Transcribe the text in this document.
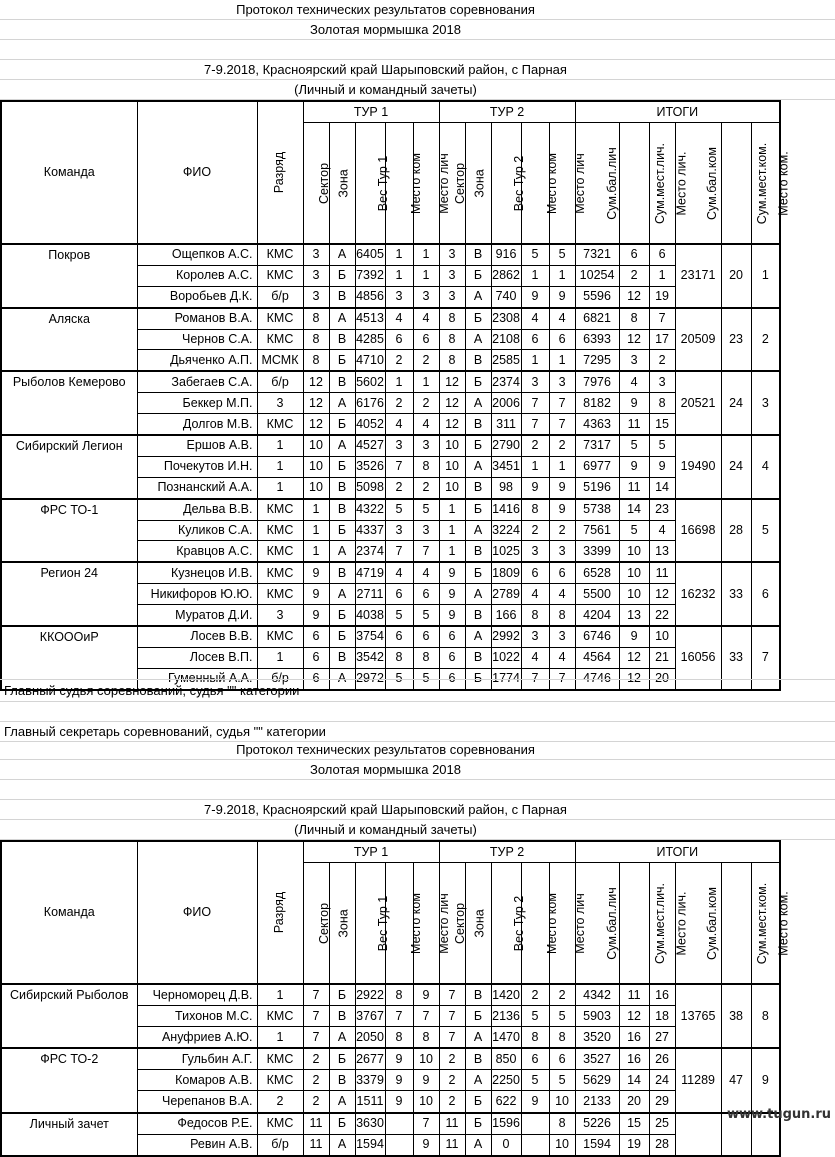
Протокол технических результатов соревнования
Золотая мормышка 2018
7-9.2018, Красноярский край Шарыповский район, с Парная
(Личный и командный зачеты)
Команда	ФИО	Разряд	ТУР 1					ТУР 2					ИТОГИ					
			Сектор	Зона	Вес Тур 1	Место ком	Место лич	Сектор	Зона	Вес Тур 2	Место ком	Место лич	Сум.бал.лич	Сум.мест.лич.	Место лич.	Сум.бал.ком	Сум.мест.ком.	Место ком.
Покров	Ощепков А.С.	КМС	3	А	6405	1	1	3	В	916	5	5	7321	6	6	23171	20	1
	Королев А.С.	КМС	3	Б	7392	1	1	3	Б	2862	1	1	10254	2	1			
	Воробьев Д.К.	б/р	3	В	4856	3	3	3	А	740	9	9	5596	12	19			
Аляска	Романов В.А.	КМС	8	А	4513	4	4	8	Б	2308	4	4	6821	8	7	20509	23	2
	Чернов С.А.	КМС	8	В	4285	6	6	8	А	2108	6	6	6393	12	17			
	Дьяченко А.П.	МСМК	8	Б	4710	2	2	8	В	2585	1	1	7295	3	2			
Рыболов Кемерово	Забегаев С.А.	б/р	12	В	5602	1	1	12	Б	2374	3	3	7976	4	3	20521	24	3
	Беккер М.П.	3	12	А	6176	2	2	12	А	2006	7	7	8182	9	8			
	Долгов М.В.	КМС	12	Б	4052	4	4	12	В	311	7	7	4363	11	15			
Сибирский Легион	Ершов А.В.	1	10	А	4527	3	3	10	Б	2790	2	2	7317	5	5	19490	24	4
	Почекутов И.Н.	1	10	Б	3526	7	8	10	А	3451	1	1	6977	9	9			
	Познанский А.А.	1	10	В	5098	2	2	10	В	98	9	9	5196	11	14			
ФРС ТО-1	Дельва В.В.	КМС	1	В	4322	5	5	1	Б	1416	8	9	5738	14	23	16698	28	5
	Куликов С.А.	КМС	1	Б	4337	3	3	1	А	3224	2	2	7561	5	4			
	Кравцов А.С.	КМС	1	А	2374	7	7	1	В	1025	3	3	3399	10	13			
Регион 24	Кузнецов И.В.	КМС	9	В	4719	4	4	9	Б	1809	6	6	6528	10	11	16232	33	6
	Никифоров Ю.Ю.	КМС	9	А	2711	6	6	9	А	2789	4	4	5500	10	12			
	Муратов Д.И.	3	9	Б	4038	5	5	9	В	166	8	8	4204	13	22			
ККОООиР	Лосев В.В.	КМС	6	Б	3754	6	6	6	А	2992	3	3	6746	9	10	16056	33	7
	Лосев В.П.	1	6	В	3542	8	8	6	В	1022	4	4	4564	12	21			
	Гуменный А.А.	б/р	6	А	2972	5	5	6	Б	1774	7	7	4746	12	20			
Главный судья соревнований, судья "" категории
Главный секретарь соревнований, судья "" категории
Протокол технических результатов соревнования
Золотая мормышка 2018
7-9.2018, Красноярский край Шарыповский район, с Парная
(Личный и командный зачеты)
Команда	ФИО	Разряд	ТУР 1					ТУР 2					ИТОГИ					
			Сектор	Зона	Вес Тур 1	Место ком	Место лич	Сектор	Зона	Вес Тур 2	Место ком	Место лич	Сум.бал.лич	Сум.мест.лич.	Место лич.	Сум.бал.ком	Сум.мест.ком.	Место ком.
Сибирский Рыболов	Черноморец Д.В.	1	7	Б	2922	8	9	7	В	1420	2	2	4342	11	16	13765	38	8
	Тихонов М.С.	КМС	7	В	3767	7	7	7	Б	2136	5	5	5903	12	18			
	Ануфриев А.Ю.	1	7	А	2050	8	8	7	А	1470	8	8	3520	16	27			
ФРС ТО-2	Гульбин А.Г.	КМС	2	Б	2677	9	10	2	В	850	6	6	3527	16	26	11289	47	9
	Комаров А.В.	КМС	2	В	3379	9	9	2	А	2250	5	5	5629	14	24			
	Черепанов В.А.	2	2	А	1511	9	10	2	Б	622	9	10	2133	20	29			
Личный зачет	Федосов Р.Е.	КМС	11	Б	3630		7	11	Б	1596		8	5226	15	25			
	Ревин А.В.	б/р	11	А	1594		9	11	А	0		10	1594	19	28			
www.tugun.ru
